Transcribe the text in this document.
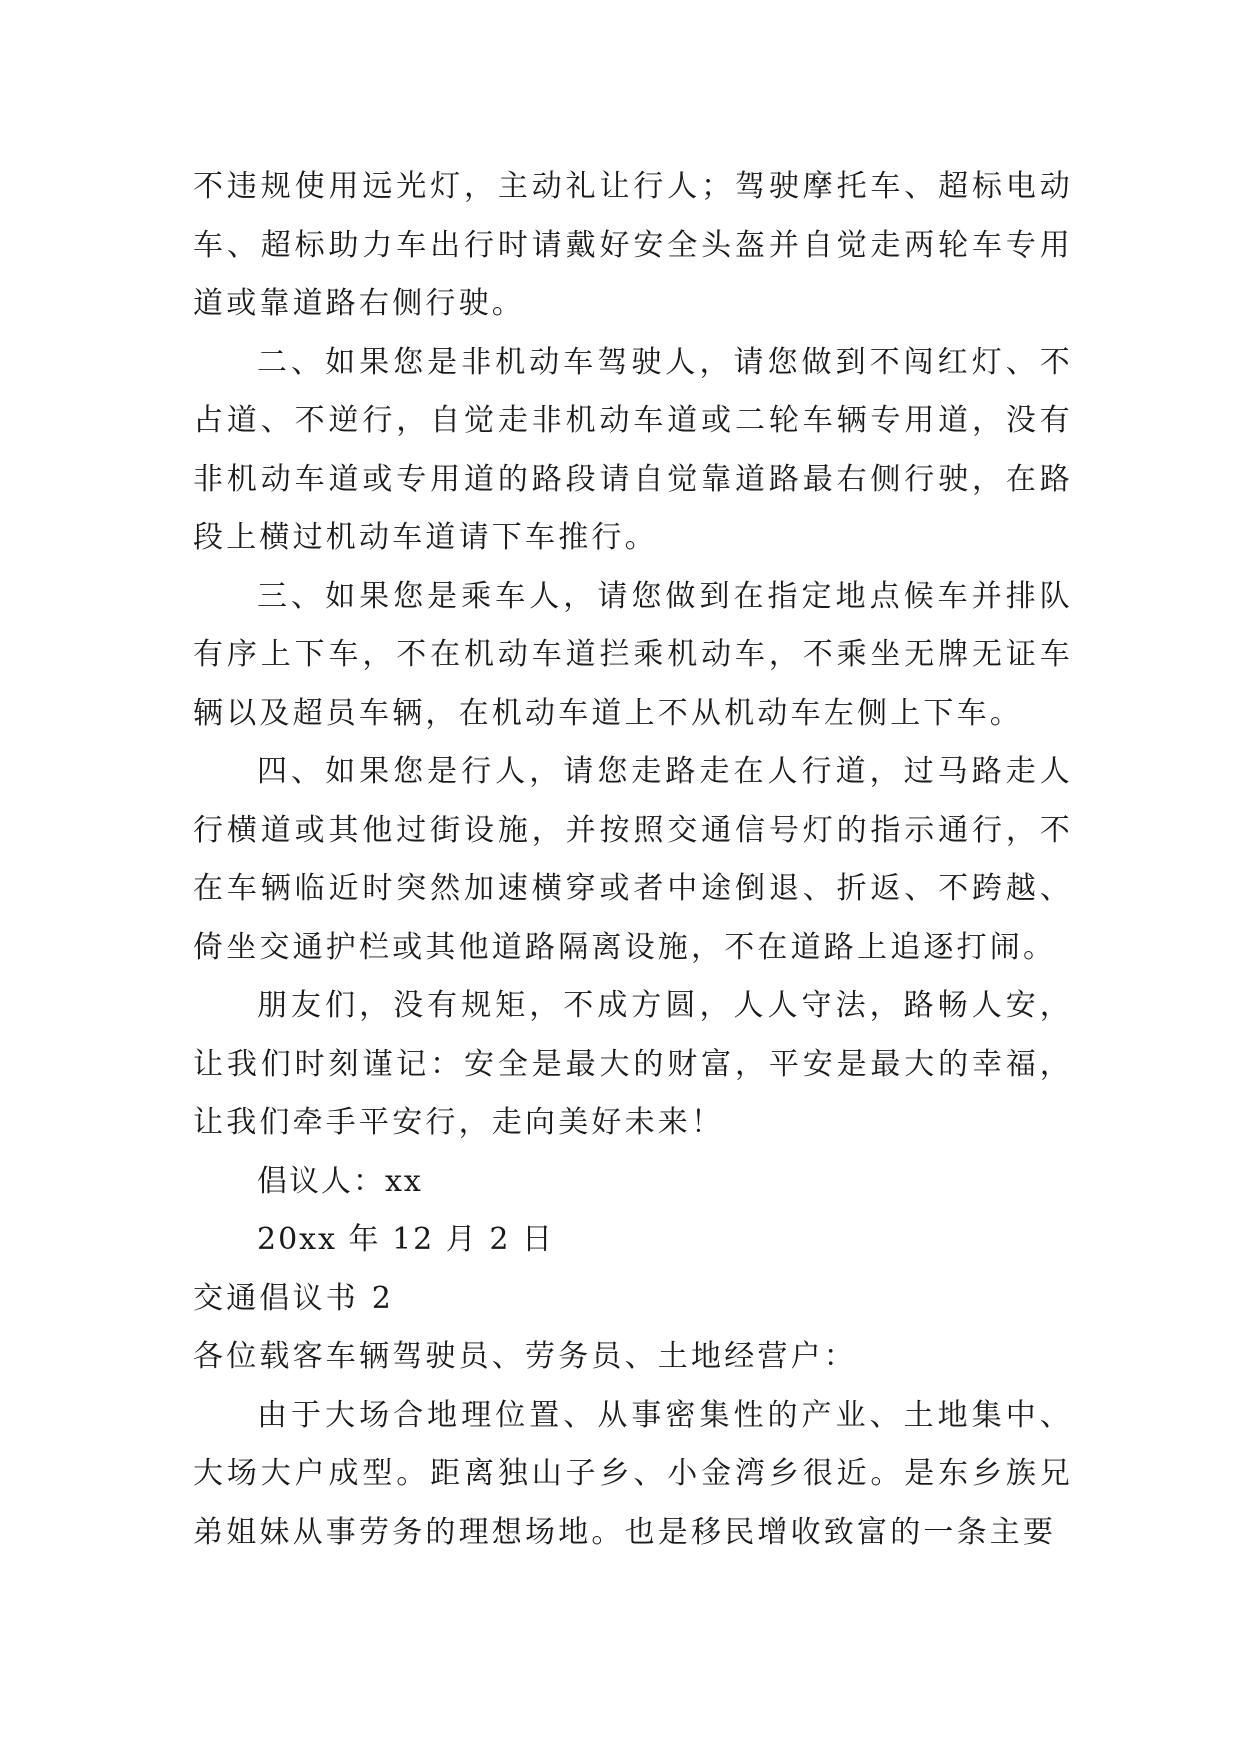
不违规使用远光灯，主动礼让行人；驾驶摩托车、超标电动车、超标助力车出行时请戴好安全头盔并自觉走两轮车专用道或靠道路右侧行驶。

二、如果您是非机动车驾驶人，请您做到不闯红灯、不占道、不逆行，自觉走非机动车道或二轮车辆专用道，没有非机动车道或专用道的路段请自觉靠道路最右侧行驶，在路段上横过机动车道请下车推行。

三、如果您是乘车人，请您做到在指定地点候车并排队有序上下车，不在机动车道拦乘机动车，不乘坐无牌无证车辆以及超员车辆，在机动车道上不从机动车左侧上下车。

四、如果您是行人，请您走路走在人行道，过马路走人行横道或其他过街设施，并按照交通信号灯的指示通行，不在车辆临近时突然加速横穿或者中途倒退、折返、不跨越、倚坐交通护栏或其他道路隔离设施，不在道路上追逐打闹。

朋友们，没有规矩，不成方圆，人人守法，路畅人安，让我们时刻谨记：安全是最大的财富，平安是最大的幸福，让我们牵手平安行，走向美好未来！

倡议人：xx

20xx 年 12 月 2 日

交通倡议书 2

各位载客车辆驾驶员、劳务员、土地经营户：

由于大场合地理位置、从事密集性的产业、土地集中、大场大户成型。距离独山子乡、小金湾乡很近。是东乡族兄弟姐妹从事劳务的理想场地。也是移民增收致富的一条主要
